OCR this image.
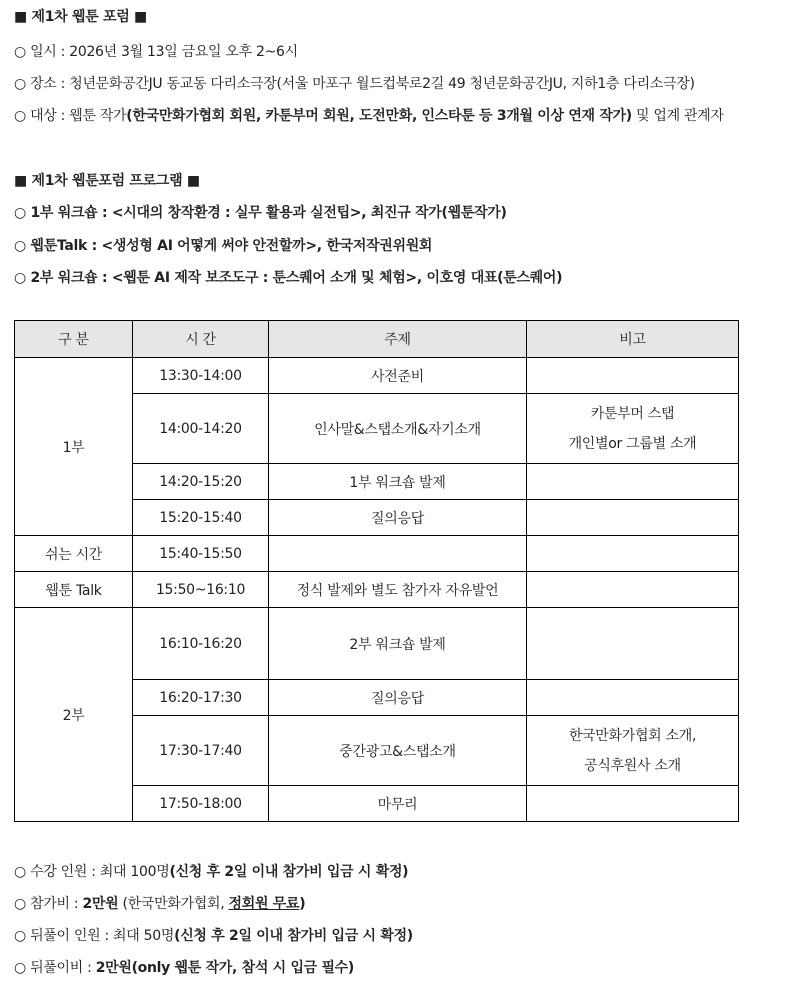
■ 제1차 웹툰 포럼 ■
○ 일시 : 2026년 3월 13일 금요일 오후 2~6시
○ 장소 : 청년문화공간JU 동교동 다리소극장(서울 마포구 월드컵북로2길 49 청년문화공간JU, 지하1층 다리소극장)
○ 대상 : 웹툰 작가(한국만화가협회 회원, 카툰부머 회원, 도전만화, 인스타툰 등 3개월 이상 연재 작가) 및 업계 관계자
■ 제1차 웹툰포럼 프로그램 ■
○ 1부 워크숍 : <시대의 창작환경 : 실무 활용과 실전팁>, 최진규 작가(웹툰작가)
○ 웹툰Talk : <생성형 AI 어떻게 써야 안전할까>, 한국저작권위원회
○ 2부 워크숍 : <웹툰 AI 제작 보조도구 : 툰스퀘어 소개 및 체험>, 이호영 대표(툰스퀘어)
구 분	시 간	주제	비고
1부	13:30-14:00	사전준비	
	14:00-14:20	인사말&스탭소개&자기소개	카툰부머 스탭
개인별or 그룹별 소개

	14:20-15:20	1부 워크숍 발제	
	15:20-15:40	질의응답	
쉬는 시간	15:40-15:50		
웹툰 Talk	15:50~16:10	정식 발제와 별도 참가자 자유발언	
2부	16:10-16:20	2부 워크숍 발제	
	16:20-17:30	질의응답	
	17:30-17:40	중간광고&스탭소개	한국만화가협회 소개,
공식후원사 소개

	17:50-18:00	마무리	
○ 수강 인원 : 최대 100명(신청 후 2일 이내 참가비 입금 시 확정)
○ 참가비 : 2만원 (한국만화가협회, 정회원 무료)
○ 뒤풀이 인원 : 최대 50명(신청 후 2일 이내 참가비 입금 시 확정)
○ 뒤풀이비 : 2만원(only 웹툰 작가, 참석 시 입금 필수)
